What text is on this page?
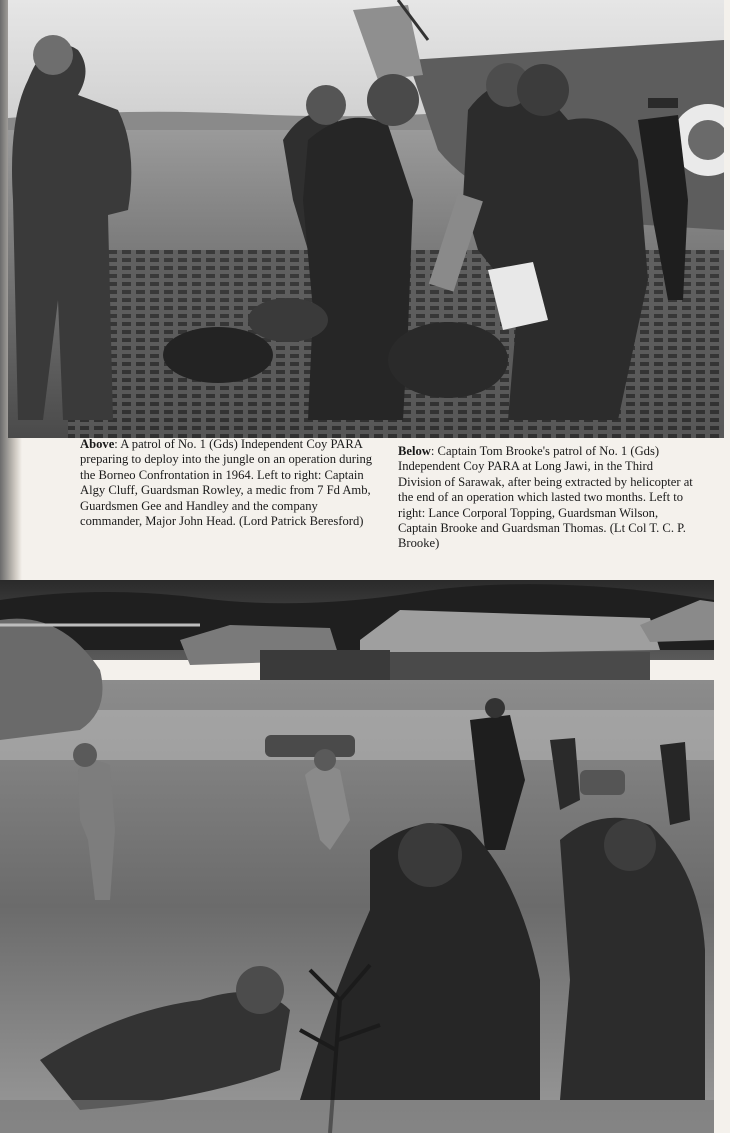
Above: A patrol of No. 1 (Gds) Independent Coy PARA preparing to deploy into the jungle on an operation during the Borneo Confrontation in 1964. Left to right: Captain Algy Cluff, Guardsman Rowley, a medic from 7 Fd Amb, Guardsmen Gee and Handley and the company commander, Major John Head. (Lord Patrick Beresford)
Below: Captain Tom Brooke's patrol of No. 1 (Gds) Independent Coy PARA at Long Jawi, in the Third Division of Sarawak, after being extracted by helicopter at the end of an operation which lasted two months. Left to right: Lance Corporal Topping, Guardsman Wilson, Captain Brooke and Guardsman Thomas. (Lt Col T. C. P. Brooke)
